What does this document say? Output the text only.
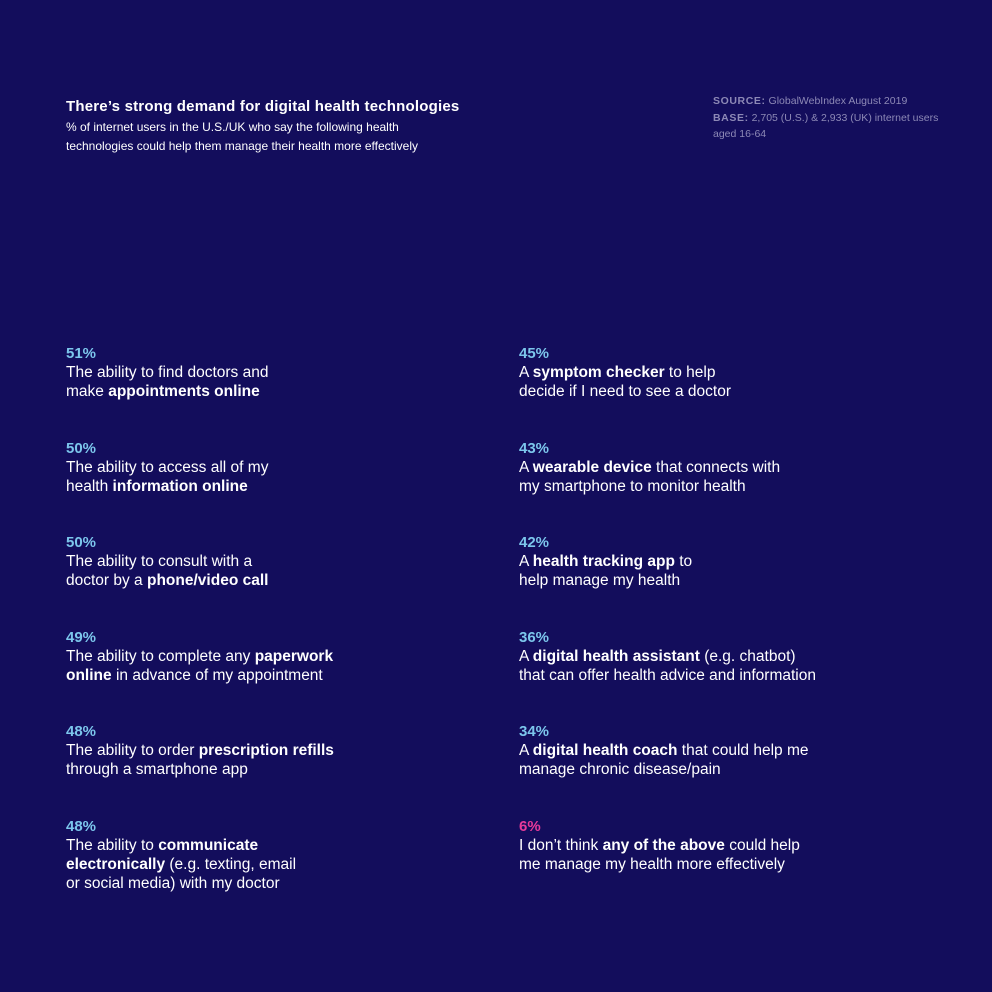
There’s strong demand for digital health technologies
% of internet users in the U.S./UK who say the following health
technologies could help them manage their health more effectively
SOURCE: GlobalWebIndex August 2019
BASE: 2,705 (U.S.) & 2,933 (UK) internet users aged 16-64
51%
The ability to find doctors and
make appointments online
50%
The ability to access all of my
health information online
50%
The ability to consult with a
doctor by a phone/video call
49%
The ability to complete any paperwork
online in advance of my appointment
48%
The ability to order prescription refills
through a smartphone app
48%
The ability to communicate
electronically (e.g. texting, email
or social media) with my doctor
45%
A symptom checker to help
decide if I need to see a doctor
43%
A wearable device that connects with
my smartphone to monitor health
42%
A health tracking app to
help manage my health
36%
A digital health assistant (e.g. chatbot)
that can offer health advice and information
34%
A digital health coach that could help me
manage chronic disease/pain
6%
I don’t think any of the above could help
me manage my health more effectively
